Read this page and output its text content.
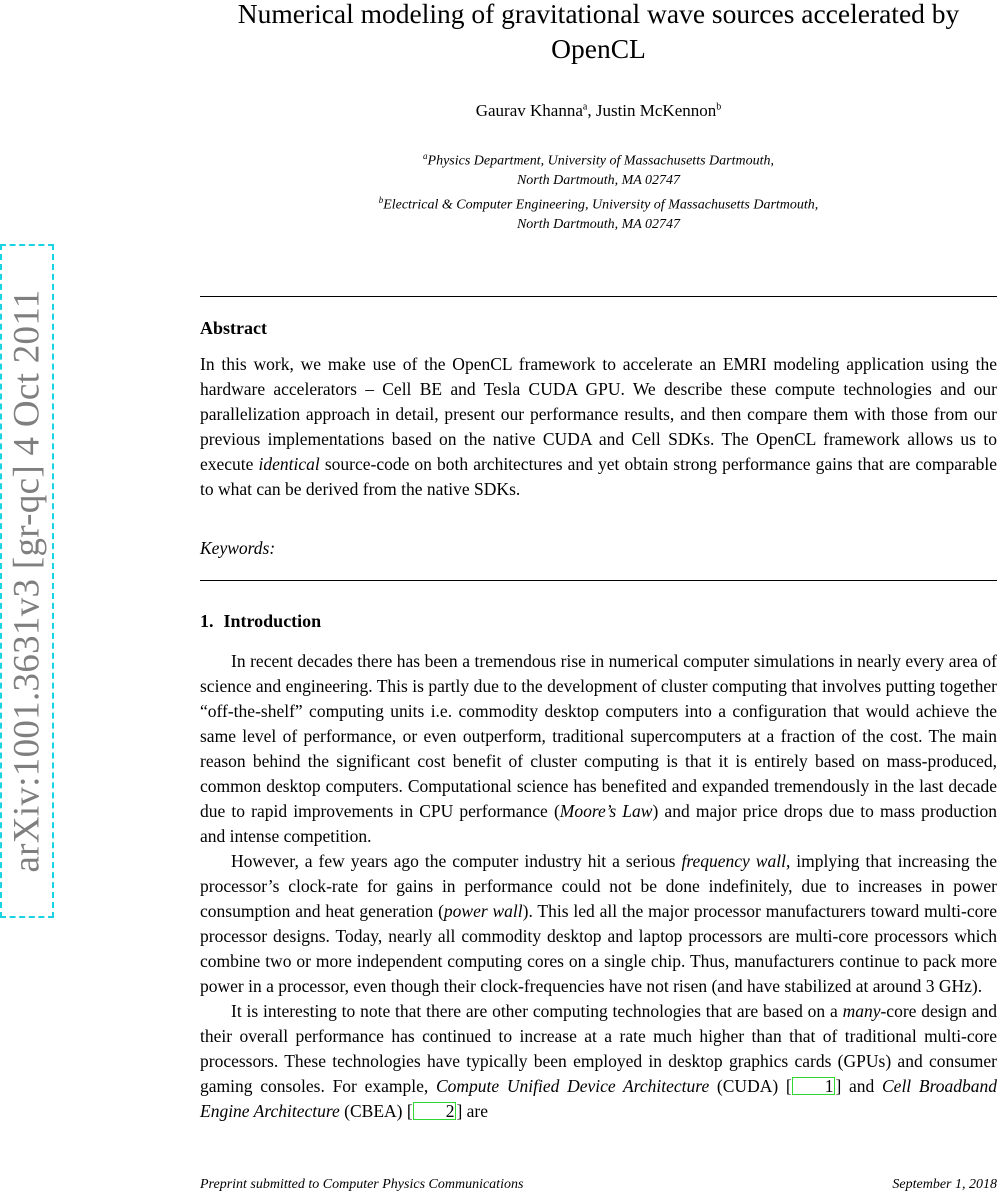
arXiv:1001.3631v3 [gr-qc] 4 Oct 2011
Numerical modeling of gravitational wave sources accelerated by OpenCL
Gaurav Khanna$^a$, Justin McKennon$^b$
$^a$Physics Department, University of Massachusetts Dartmouth,
North Dartmouth, MA 02747
$^b$Electrical & Computer Engineering, University of Massachusetts Dartmouth,
North Dartmouth, MA 02747
Abstract

In this work, we make use of the OpenCL framework to accelerate an EMRI modeling application using the hardware accelerators – Cell BE and Tesla CUDA GPU. We describe these compute technologies and our parallelization approach in detail, present our performance results, and then compare them with those from our previous implementations based on the native CUDA and Cell SDKs. The OpenCL framework allows us to execute identical source-code on both architectures and yet obtain strong performance gains that are comparable to what can be derived from the native SDKs.

Keywords:
1. Introduction

In recent decades there has been a tremendous rise in numerical computer simulations in nearly every area of science and engineering. This is partly due to the development of cluster computing that involves putting together “off-the-shelf” computing units i.e. commodity desktop computers into a configuration that would achieve the same level of performance, or even outperform, traditional supercomputers at a fraction of the cost. The main reason behind the significant cost benefit of cluster computing is that it is entirely based on mass-produced, common desktop computers. Computational science has benefited and expanded tremendously in the last decade due to rapid improvements in CPU performance (Moore’s Law) and major price drops due to mass production and intense competition.

However, a few years ago the computer industry hit a serious frequency wall, implying that increasing the processor’s clock-rate for gains in performance could not be done indefinitely, due to increases in power consumption and heat generation (power wall). This led all the major processor manufacturers toward multi-core processor designs. Today, nearly all commodity desktop and laptop processors are multi-core processors which combine two or more independent computing cores on a single chip. Thus, manufacturers continue to pack more power in a processor, even though their clock-frequencies have not risen (and have stabilized at around 3 GHz).

It is interesting to note that there are other computing technologies that are based on a many-core design and their overall performance has continued to increase at a rate much higher than that of traditional multi-core processors. These technologies have typically been employed in desktop graphics cards (GPUs) and consumer gaming consoles. For example, Compute Unified Device Architecture (CUDA) [ 1 ] and Cell Broadband Engine Architecture (CBEA) [ 2 ] are

Preprint submitted to Computer Physics Communications	September 1, 2018
